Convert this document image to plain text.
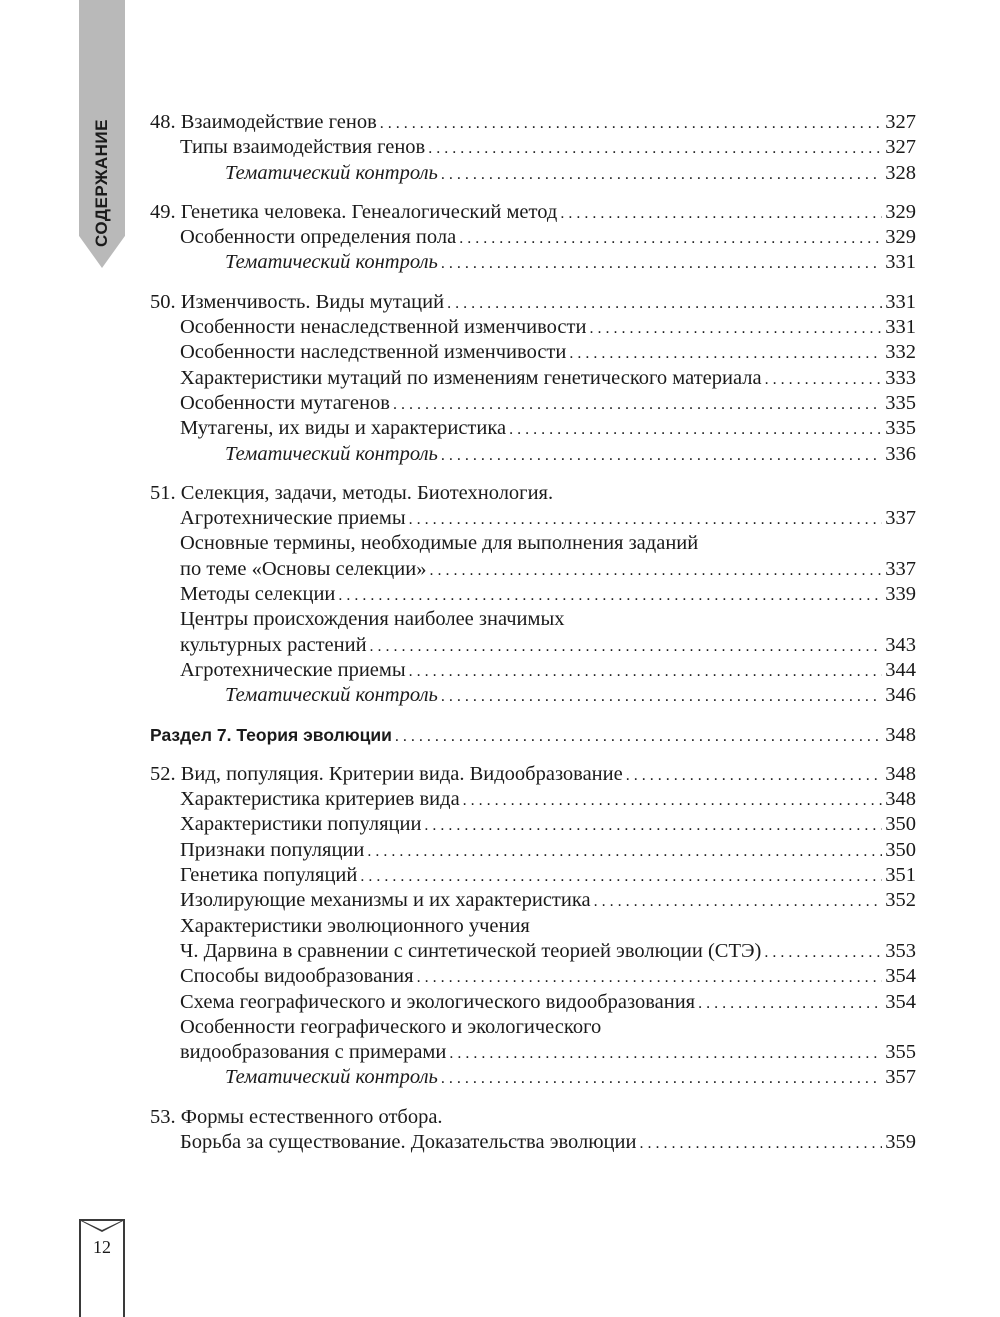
СОДЕРЖАНИЕ
12
48. Взаимодействие генов . . .	327
Типы взаимодействия генов . . .	327
Тематический контроль . . .	328
49. Генетика человека. Генеалогический метод . . .	329
Особенности определения пола . . .	329
Тематический контроль . . .	331
50. Изменчивость. Виды мутаций . . .	331
Особенности ненаследственной изменчивости . . .	331
Особенности наследственной изменчивости . . .	332
Характеристики мутаций по изменениям генетического материала . . .	333
Особенности мутагенов . . .	335
Мутагены, их виды и характеристика . . .	335
Тематический контроль . . .	336
51. Селекция, задачи, методы. Биотехнология.
Агротехнические приемы . . .	337
Основные термины, необходимые для выполнения заданий
по теме «Основы селекции» . . .	337
Методы селекции . . .	339
Центры происхождения наиболее значимых
культурных растений . . .	343
Агротехнические приемы . . .	344
Тематический контроль . . .	346
Раздел 7. Теория эволюции . . .	348
52. Вид, популяция. Критерии вида. Видообразование . . .	348
Характеристика критериев вида . . .	348
Характеристики популяции . . .	350
Признаки популяции . . .	350
Генетика популяций . . .	351
Изолирующие механизмы и их характеристика . . .	352
Характеристики эволюционного учения
Ч. Дарвина в сравнении с синтетической теорией эволюции (СТЭ) . . .	353
Способы видообразования . . .	354
Схема географического и экологического видообразования . . .	354
Особенности географического и экологического
видообразования с примерами . . .	355
Тематический контроль . . .	357
53. Формы естественного отбора.
Борьба за существование. Доказательства эволюции . . .	359
